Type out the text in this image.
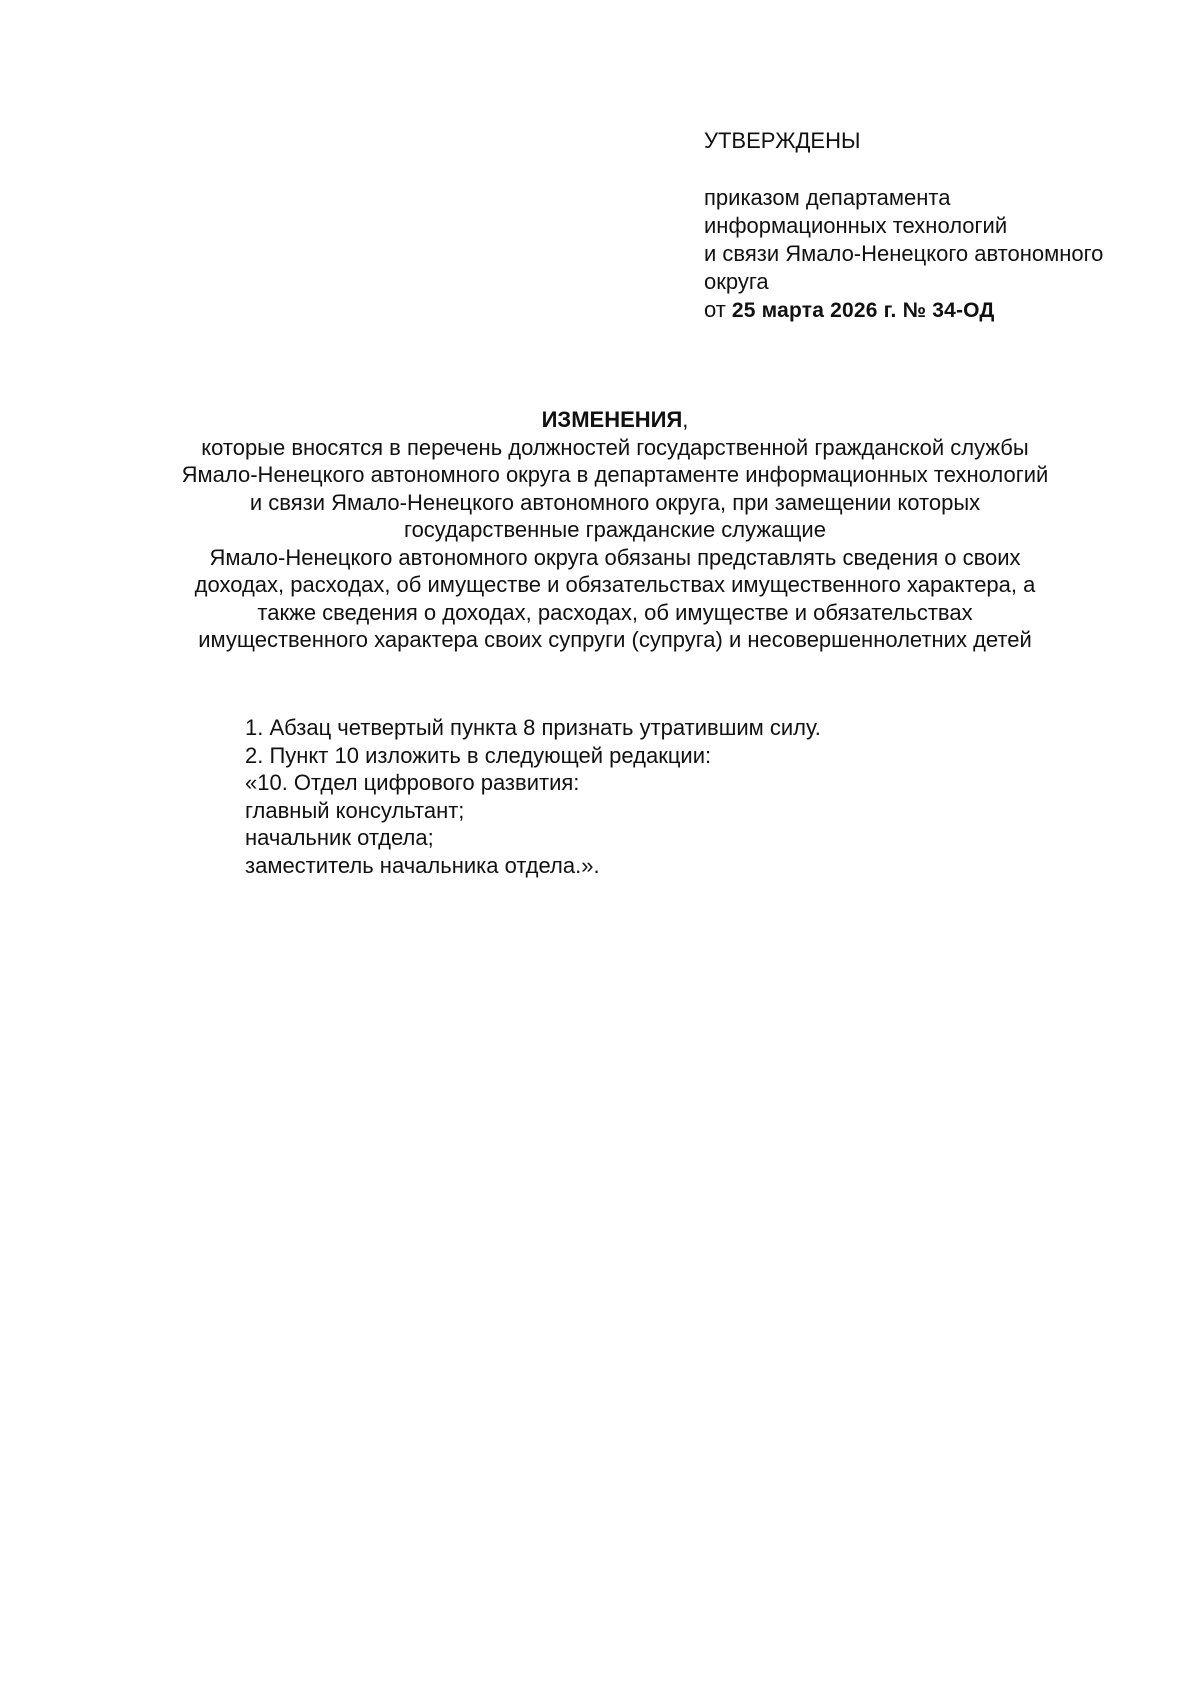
УТВЕРЖДЕНЫ

приказом департамента
информационных технологий
и связи Ямало-Ненецкого автономного
округа
от 25 марта 2026 г. № 34-ОД
ИЗМЕНЕНИЯ,
которые вносятся в перечень должностей государственной гражданской службы
Ямало-Ненецкого автономного округа в департаменте информационных технологий
и связи Ямало-Ненецкого автономного округа, при замещении которых
государственные гражданские служащие
Ямало-Ненецкого автономного округа обязаны представлять сведения о своих
доходах, расходах, об имуществе и обязательствах имущественного характера, а
также сведения о доходах, расходах, об имуществе и обязательствах
имущественного характера своих супруги (супруга) и несовершеннолетних детей
1. Абзац четвертый пункта 8 признать утратившим силу.
2. Пункт 10 изложить в следующей редакции:
«10. Отдел цифрового развития:
главный консультант;
начальник отдела;
заместитель начальника отдела.».
